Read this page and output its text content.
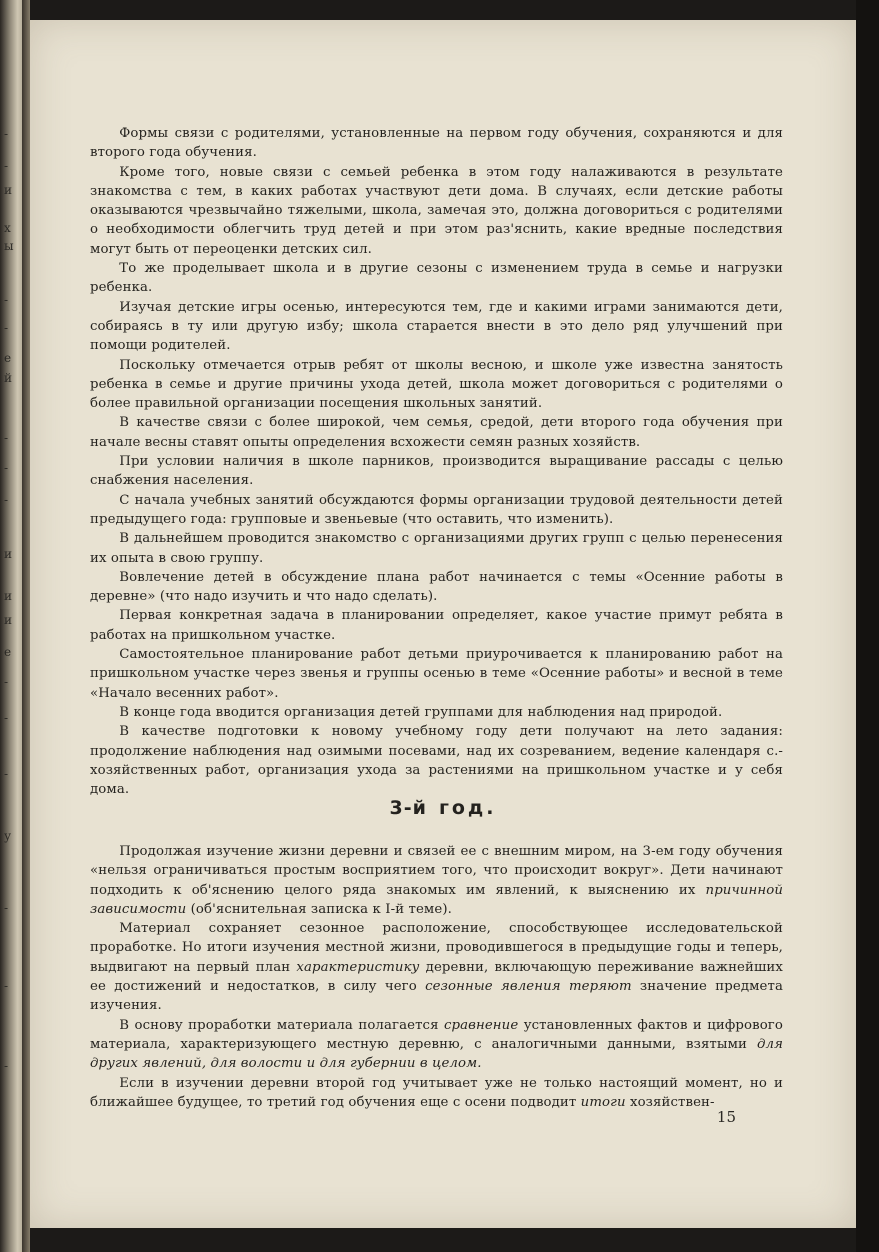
-
-
и
х
ы
-
-
е
й
-
-
-
и
и
и
е
-
-
-
у
-
-
-

Формы связи с родителями, установленные на первом году обучения, сохраняются и для второго года обучения.

Кроме того, новые связи с семьей ребенка в этом году налаживаются в результате знакомства с тем, в каких работах участвуют дети дома. В случаях, если детские работы оказываются чрезвычайно тяжелыми, школа, замечая это, должна договориться с родителями о необходимости облегчить труд детей и при этом раз'яснить, какие вредные последствия могут быть от переоценки детских сил.

То же проделывает школа и в другие сезоны с изменением труда в семье и нагрузки ребенка.

Изучая детские игры осенью, интересуются тем, где и какими играми занимаются дети, собираясь в ту или другую избу; школа старается внести в это дело ряд улучшений при помощи родителей.

Поскольку отмечается отрыв ребят от школы весною, и школе уже известна занятость ребенка в семье и другие причины ухода детей, школа может договориться с родителями о более правильной организации посещения школьных занятий.

В качестве связи с более широкой, чем семья, средой, дети второго года обучения при начале весны ставят опыты определения всхожести семян разных хозяйств.

При условии наличия в школе парников, производится выращивание рассады с целью снабжения населения.

С начала учебных занятий обсуждаются формы организации трудовой деятельности детей предыдущего года: групповые и звеньевые (что оставить, что изменить).

В дальнейшем проводится знакомство с организациями других групп с целью перенесения их опыта в свою группу.

Вовлечение детей в обсуждение плана работ начинается с темы «Осенние работы в деревне» (что надо изучить и что надо сделать).

Первая конкретная задача в планировании определяет, какое участие примут ребята в работах на пришкольном участке.

Самостоятельное планирование работ детьми приурочивается к планированию работ на пришкольном участке через звенья и группы осенью в теме «Осенние работы» и весной в теме «Начало весенних работ».

В конце года вводится организация детей группами для наблюдения над природой.

В качестве подготовки к новому учебному году дети получают на лето задания: продолжение наблюдения над озимыми посевами, над их созреванием, ведение календаря с.-хозяйственных работ, организация ухода за растениями на пришкольном участке и у себя дома.

3-й год.

Продолжая изучение жизни деревни и связей ее с внешним миром, на 3-ем году обучения «нельзя ограничиваться простым восприятием того, что происходит вокруг». Дети начинают подходить к об'яснению целого ряда знакомых им явлений, к выяснению их причинной зависимости (об'яснительная записка к I-й теме).

Материал сохраняет сезонное расположение, способствующее исследовательской проработке. Но итоги изучения местной жизни, проводившегося в предыдущие годы и теперь, выдвигают на первый план характеристику деревни, включающую переживание важнейших ее достижений и недостатков, в силу чего сезонные явления теряют значение предмета изучения.

В основу проработки материала полагается сравнение установленных фактов и цифрового материала, характеризующего местную деревню, с аналогичными данными, взятыми для других явлений, для волости и для губернии в целом.

Если в изучении деревни второй год учитывает уже не только настоящий момент, но и ближайшее будущее, то третий год обучения еще с осени подводит итоги хозяйствен-

15
